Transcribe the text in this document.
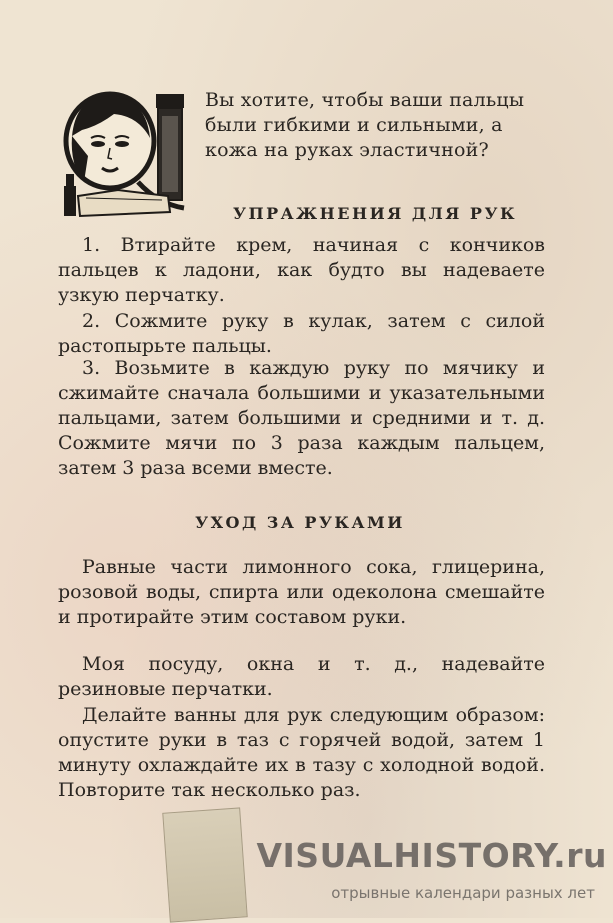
Вы хотите, чтобы ваши пальцы были гибкими и сильными, а кожа на руках эластичной?

УПРАЖНЕНИЯ ДЛЯ РУК

1. Втирайте крем, начиная с кончиков пальцев к ладони, как будто вы надеваете узкую перчатку.

2. Сожмите руку в кулак, затем с силой растопырьте пальцы.

3. Возьмите в каждую руку по мячику и сжимайте сначала большими и указательными пальцами, затем большими и средними и т. д. Сожмите мячи по 3 раза каждым пальцем, затем 3 раза всеми вместе.

УХОД ЗА РУКАМИ

Равные части лимонного сока, глицерина, розовой воды, спирта или одеколона смешайте и протирайте этим составом руки.

Моя посуду, окна и т. д., надевайте резиновые перчатки.

Делайте ванны для рук следующим образом: опустите руки в таз с горячей водой, затем 1 минуту охлаждайте их в тазу с холодной водой. Повторите так несколько раз.

VISUALHISTORY.ru

отрывные календари разных лет
